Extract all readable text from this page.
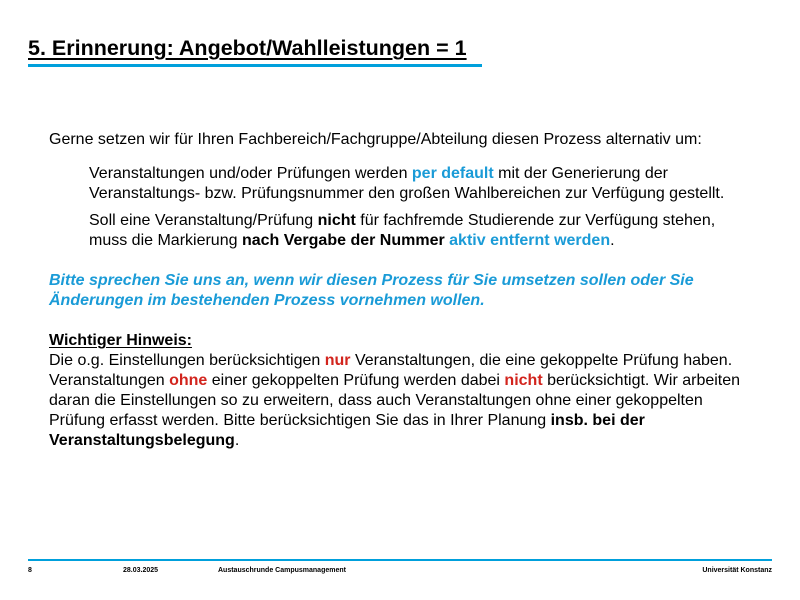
5. Erinnerung: Angebot/Wahlleistungen = 1

Gerne setzen wir für Ihren Fachbereich/Fachgruppe/Abteilung diesen Prozess alternativ um:

Veranstaltungen und/oder Prüfungen werden per default mit der Generierung der Veranstaltungs- bzw. Prüfungsnummer den großen Wahlbereichen zur Verfügung gestellt.

Soll eine Veranstaltung/Prüfung nicht für fachfremde Studierende zur Verfügung stehen, muss die Markierung nach Vergabe der Nummer aktiv entfernt werden.

Bitte sprechen Sie uns an, wenn wir diesen Prozess für Sie umsetzen sollen oder Sie Änderungen im bestehenden Prozess vornehmen wollen.

Wichtiger Hinweis:

Die o.g. Einstellungen berücksichtigen nur Veranstaltungen, die eine gekoppelte Prüfung haben. Veranstaltungen ohne einer gekoppelten Prüfung werden dabei nicht berücksichtigt. Wir arbeiten daran die Einstellungen so zu erweitern, dass auch Veranstaltungen ohne einer gekoppelten Prüfung erfasst werden. Bitte berücksichtigen Sie das in Ihrer Planung insb. bei der Veranstaltungsbelegung.

8	28.03.2025	Austauschrunde Campusmanagement	Universität Konstanz
